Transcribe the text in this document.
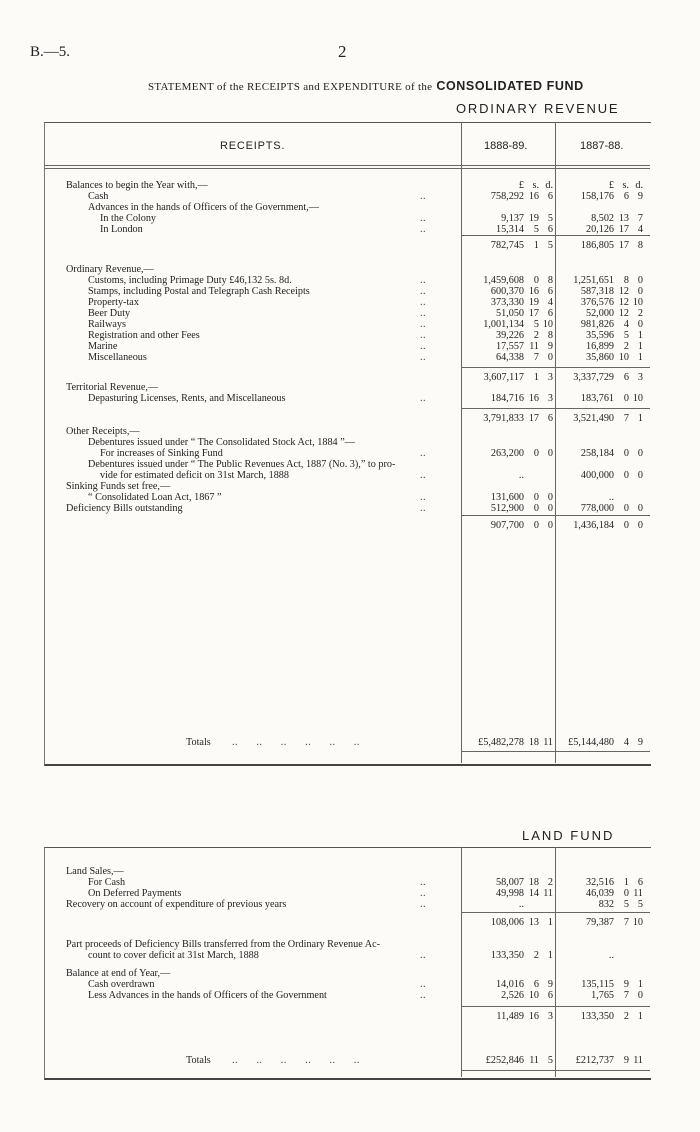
B.—5.	2
STATEMENT of the RECEIPTS and EXPENDITURE of the CONSOLIDATED FUND
ORDINARY REVENUE
RECEIPTS.	1888-89.	1887-88.
£ s. d.	£ s. d.
Balances to begin the Year with,—
Cash	..	758,292 16 6	158,176 6 9
Advances in the hands of Officers of the Government,—
In the Colony	..	9,137 19 5	8,502 13 7
In London	..	15,314 5 6	20,126 17 4
782,745 1 5	186,805 17 8
Ordinary Revenue,—
Customs, including Primage Duty £46,132 5s. 8d.	..	1,459,608 0 8	1,251,651 8 0
Stamps, including Postal and Telegraph Cash Receipts	..	600,370 16 6	587,318 12 0
Property-tax	..	373,330 19 4	376,576 12 10
Beer Duty	..	51,050 17 6	52,000 12 2
Railways	..	1,001,134 5 10	981,826 4 0
Registration and other Fees	..	39,226 2 8	35,596 5 1
Marine	..	17,557 11 9	16,899 2 1
Miscellaneous	..	64,338 7 0	35,860 10 1
3,607,117 1 3	3,337,729 6 3
Territorial Revenue,—
Depasturing Licenses, Rents, and Miscellaneous	..	184,716 16 3	183,761 0 10
3,791,833 17 6	3,521,490 7 1
Other Receipts,—
Debentures issued under “ The Consolidated Stock Act, 1884 ”—
For increases of Sinking Fund	..	263,200 0 0	258,184 0 0
Debentures issued under “ The Public Revenues Act, 1887 (No. 3),” to pro-
vide for estimated deficit on 31st March, 1888	..	..	400,000 0 0
Sinking Funds set free,—
“ Consolidated Loan Act, 1867 ”	..	131,600 0 0	..
Deficiency Bills outstanding	..	512,900 0 0	778,000 0 0
907,700 0 0	1,436,184 0 0
Totals ..      ..      ..      ..      ..      ..	£5,482,278 18 11	£5,144,480 4 9
LAND FUND
Land Sales,—
For Cash	..	58,007 18 2	32,516 1 6
On Deferred Payments	..	49,998 14 11	46,039 0 11
Recovery on account of expenditure of previous years	..	..	832 5 5
108,006 13 1	79,387 7 10
Part proceeds of Deficiency Bills transferred from the Ordinary Revenue Ac-
count to cover deficit at 31st March, 1888	..	133,350 2 1	..
Balance at end of Year,—
Cash overdrawn	..	14,016 6 9	135,115 9 1
Less Advances in the hands of Officers of the Government	..	2,526 10 6	1,765 7 0
11,489 16 3	133,350 2 1
Totals ..      ..      ..      ..      ..      ..	£252,846 11 5	£212,737 9 11
